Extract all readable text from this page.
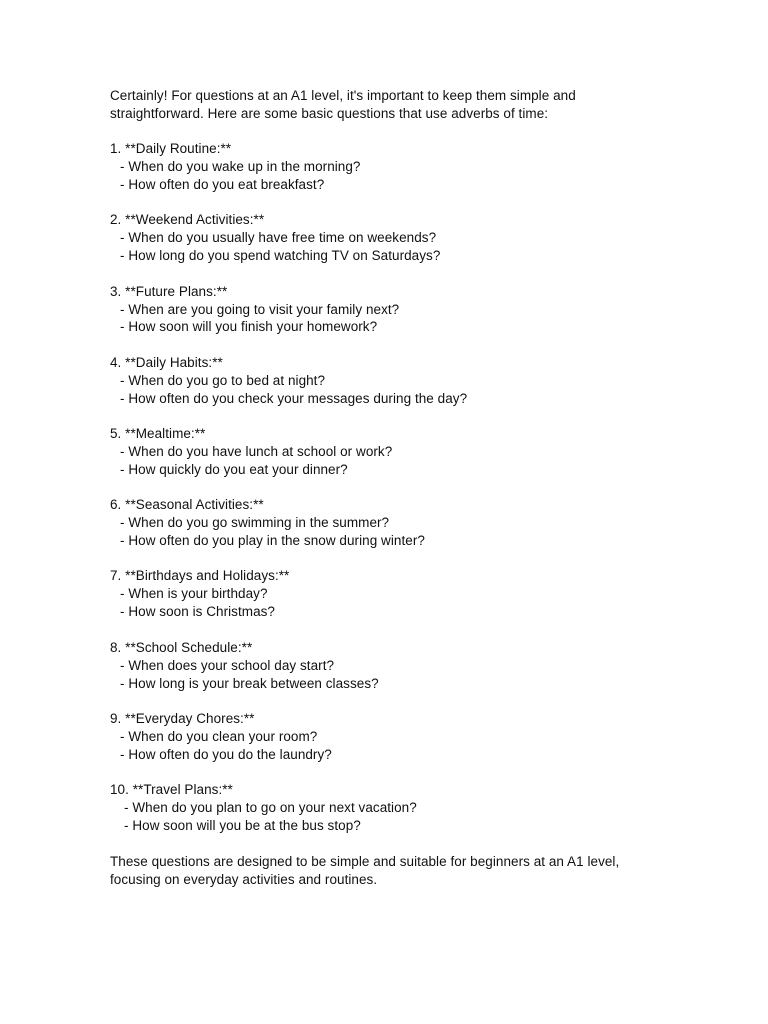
Certainly! For questions at an A1 level, it's important to keep them simple and
straightforward. Here are some basic questions that use adverbs of time:
1. **Daily Routine:**
- When do you wake up in the morning?
- How often do you eat breakfast?
2. **Weekend Activities:**
- When do you usually have free time on weekends?
- How long do you spend watching TV on Saturdays?
3. **Future Plans:**
- When are you going to visit your family next?
- How soon will you finish your homework?
4. **Daily Habits:**
- When do you go to bed at night?
- How often do you check your messages during the day?
5. **Mealtime:**
- When do you have lunch at school or work?
- How quickly do you eat your dinner?
6. **Seasonal Activities:**
- When do you go swimming in the summer?
- How often do you play in the snow during winter?
7. **Birthdays and Holidays:**
- When is your birthday?
- How soon is Christmas?
8. **School Schedule:**
- When does your school day start?
- How long is your break between classes?
9. **Everyday Chores:**
- When do you clean your room?
- How often do you do the laundry?
10. **Travel Plans:**
- When do you plan to go on your next vacation?
- How soon will you be at the bus stop?
These questions are designed to be simple and suitable for beginners at an A1 level,
focusing on everyday activities and routines.
